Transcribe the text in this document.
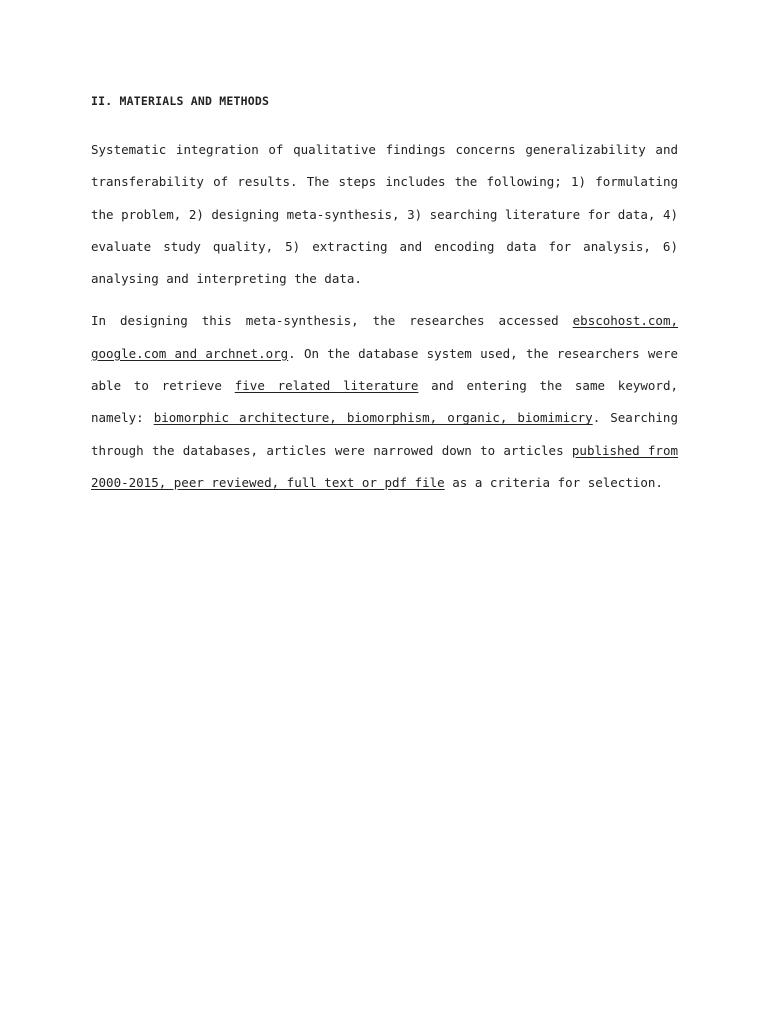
II. MATERIALS AND METHODS

Systematic integration of qualitative findings concerns generalizability and transferability of results. The steps includes the following; 1) formulating the problem, 2) designing meta-synthesis, 3) searching literature for data, 4) evaluate study quality, 5) extracting and encoding data for analysis, 6) analysing and interpreting the data.

In designing this meta-synthesis, the researches accessed ebscohost.com, google.com and archnet.org. On the database system used, the researchers were able to retrieve five related literature and entering the same keyword, namely: biomorphic architecture, biomorphism, organic, biomimicry. Searching through the databases, articles were narrowed down to articles published from 2000-2015, peer reviewed, full text or pdf file as a criteria for selection.
